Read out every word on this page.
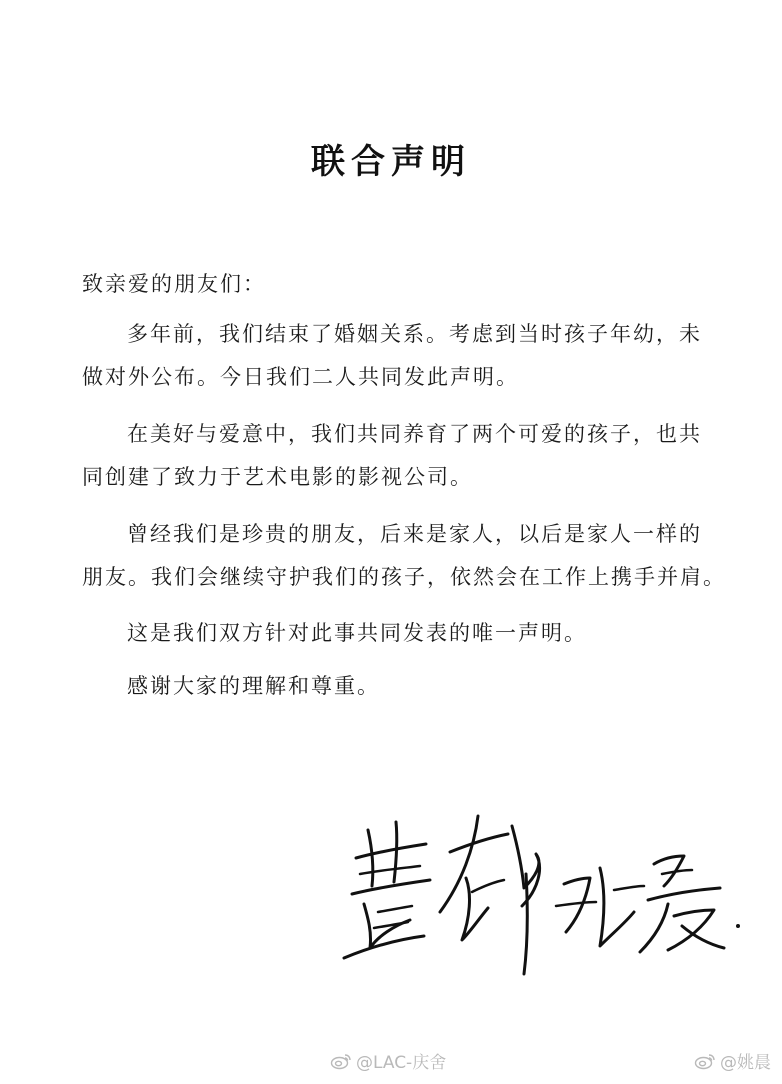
联合声明

致亲爱的朋友们：

多年前，我们结束了婚姻关系。考虑到当时孩子年幼，未
做对外公布。今日我们二人共同发此声明。

在美好与爱意中，我们共同养育了两个可爱的孩子，也共
同创建了致力于艺术电影的影视公司。

曾经我们是珍贵的朋友，后来是家人，以后是家人一样的
朋友。我们会继续守护我们的孩子，依然会在工作上携手并肩。

这是我们双方针对此事共同发表的唯一声明。

感谢大家的理解和尊重。

@LAC-庆舍	@姚晨
